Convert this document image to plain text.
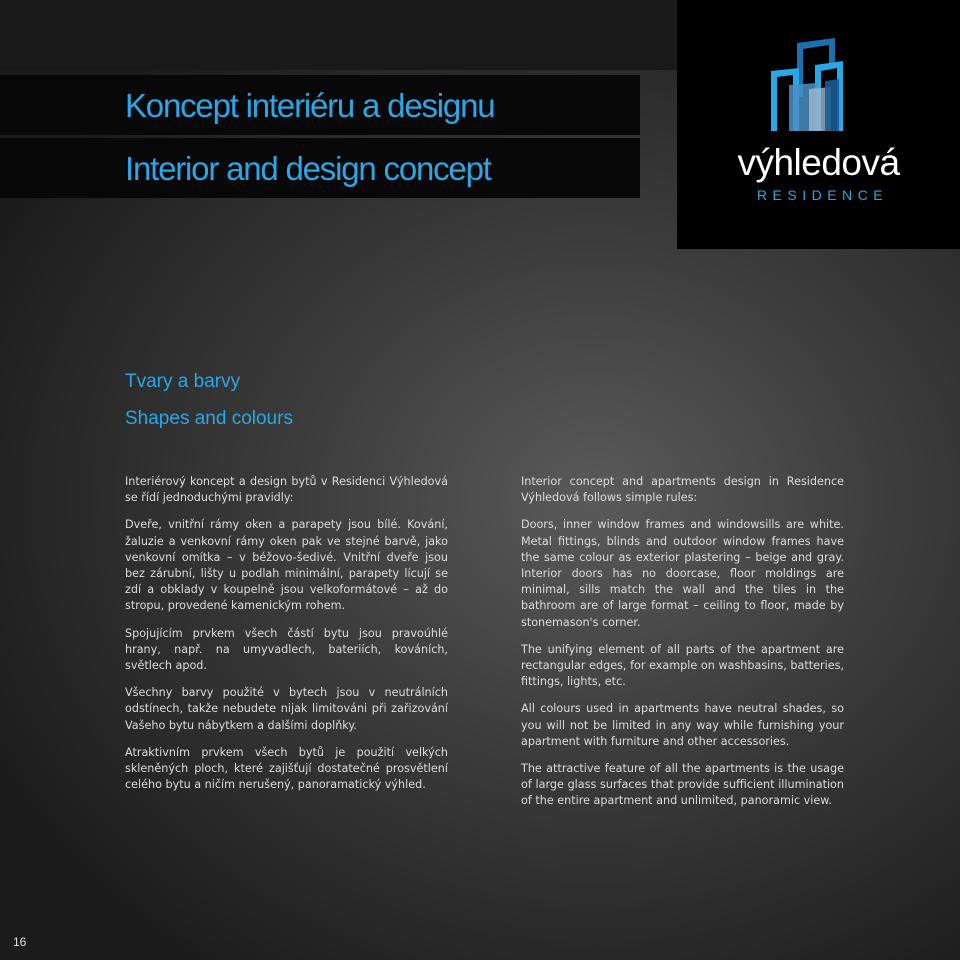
Koncept interiéru a designu
Interior and design concept	výhledová
RESIDENCE
Tvary a barvy
Shapes and colours

Interiérový koncept a design bytů v Residenci Výhledová se řídí jednoduchými pravidly:

Dveře, vnitřní rámy oken a parapety jsou bílé. Kování, žaluzie a venkovní rámy oken pak ve stejné barvě, jako venkovní omítka – v béžovo-šedivé. Vnitřní dveře jsou bez zárubní, lišty u podlah minimální, parapety lícují se zdí a obklady v koupelně jsou velkoformátové – až do stropu, provedené kamenickým rohem.

Spojujícím prvkem všech částí bytu jsou pravoúhlé hrany, např. na umyvadlech, bateriích, kováních, světlech apod.

Všechny barvy použité v bytech jsou v neutrálních odstínech, takže nebudete nijak limitováni při zařizování Vašeho bytu nábytkem a dalšími doplňky.

Atraktivním prvkem všech bytů je použití velkých skleněných ploch, které zajišťují dostatečné prosvětlení celého bytu a ničím nerušený, panoramatický výhled.

Interior concept and apartments design in Residence Výhledová follows simple rules:

Doors, inner window frames and windowsills are white. Metal fittings, blinds and outdoor window frames have the same colour as exterior plastering – beige and gray. Interior doors has no doorcase, floor moldings are minimal, sills match the wall and the tiles in the bathroom are of large format – ceiling to floor, made by stonemason's corner.

The unifying element of all parts of the apartment are rectangular edges, for example on washbasins, batteries, fittings, lights, etc.

All colours used in apartments have neutral shades, so you will not be limited in any way while furnishing your apartment with furniture and other accessories.

The attractive feature of all the apartments is the usage of large glass surfaces that provide sufficient illumination of the entire apartment and unlimited, panoramic view.

16
